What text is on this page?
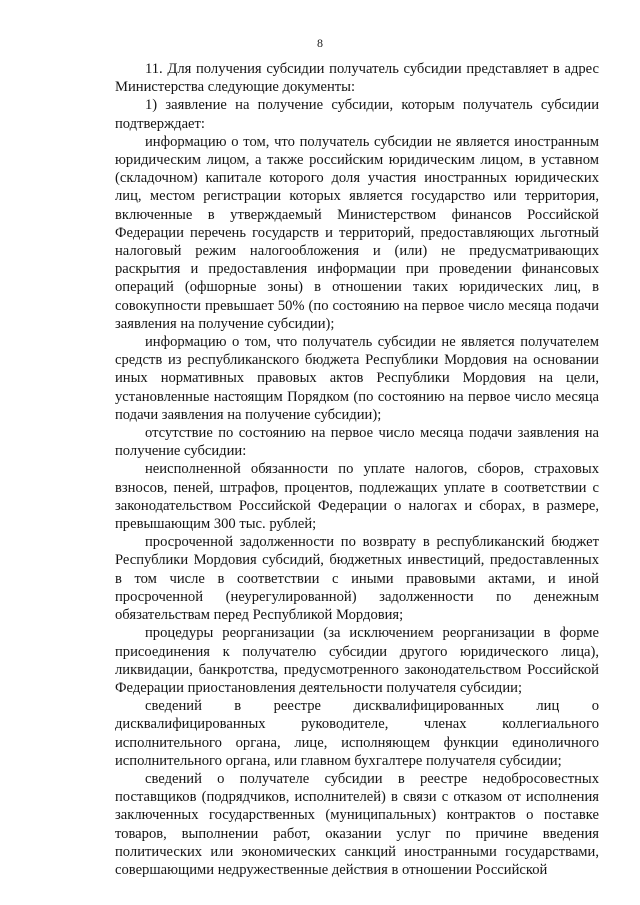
8

11. Для получения субсидии получатель субсидии представляет в адрес Министерства следующие документы:

1) заявление на получение субсидии, которым получатель субсидии подтверждает:

информацию о том, что получатель субсидии не является иностранным юридическим лицом, а также российским юридическим лицом, в уставном (складочном) капитале которого доля участия иностранных юридических лиц, местом регистрации которых является государство или территория, включенные в утверждаемый Министерством финансов Российской Федерации перечень государств и территорий, предоставляющих льготный налоговый режим налогообложения и (или) не предусматривающих раскрытия и предоставления информации при проведении финансовых операций (офшорные зоны) в отношении таких юридических лиц, в совокупности превышает 50% (по состоянию на первое число месяца подачи заявления на получение субсидии);

информацию о том, что получатель субсидии не является получателем средств из республиканского бюджета Республики Мордовия на основании иных нормативных правовых актов Республики Мордовия на цели, установленные настоящим Порядком (по состоянию на первое число месяца подачи заявления на получение субсидии);

отсутствие по состоянию на первое число месяца подачи заявления на получение субсидии:

неисполненной обязанности по уплате налогов, сборов, страховых взносов, пеней, штрафов, процентов, подлежащих уплате в соответствии с законодательством Российской Федерации о налогах и сборах, в размере, превышающим 300 тыс. рублей;

просроченной задолженности по возврату в республиканский бюджет Республики Мордовия субсидий, бюджетных инвестиций, предоставленных в том числе в соответствии с иными правовыми актами, и иной просроченной (неурегулированной) задолженности по денежным обязательствам перед Республикой Мордовия;

процедуры реорганизации (за исключением реорганизации в форме присоединения к получателю субсидии другого юридического лица), ликвидации, банкротства, предусмотренного законодательством Российской Федерации приостановления деятельности получателя субсидии;

сведений в реестре дисквалифицированных лиц о дисквалифицированных руководителе, членах коллегиального исполнительного органа, лице, исполняющем функции единоличного исполнительного органа, или главном бухгалтере получателя субсидии;

сведений о получателе субсидии в реестре недобросовестных поставщиков (подрядчиков, исполнителей) в связи с отказом от исполнения заключенных государственных (муниципальных) контрактов о поставке товаров, выполнении работ, оказании услуг по причине введения политических или экономических санкций иностранными государствами, совершающими недружественные действия в отношении Российской
